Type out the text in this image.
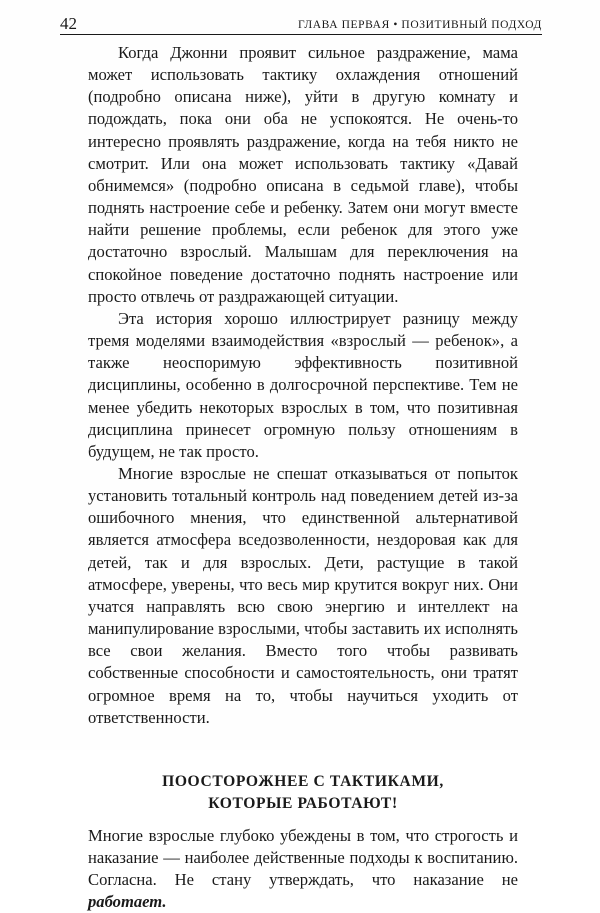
42	ГЛАВА ПЕРВАЯ • ПОЗИТИВНЫЙ ПОДХОД

Когда Джонни проявит сильное раздражение, мама может использовать тактику охлаждения отношений (подробно описана ниже), уйти в другую комнату и подождать, пока они оба не успокоятся. Не очень-то интересно проявлять раздражение, когда на тебя никто не смотрит. Или она может использовать тактику «Давай обнимемся» (подробно описана в седьмой главе), чтобы поднять настроение себе и ребенку. Затем они могут вместе найти решение проблемы, если ребенок для этого уже достаточно взрослый. Малышам для переключения на спокойное поведение достаточно поднять настроение или просто отвлечь от раздражающей ситуации.

Эта история хорошо иллюстрирует разницу между тремя моделями взаимодействия «взрослый — ребенок», а также неоспоримую эффективность позитивной дисциплины, особенно в долгосрочной перспективе. Тем не менее убедить некоторых взрослых в том, что позитивная дисциплина принесет огромную пользу отношениям в будущем, не так просто.

Многие взрослые не спешат отказываться от попыток установить тотальный контроль над поведением детей из-за ошибочного мнения, что единственной альтернативой является атмосфера вседозволенности, нездоровая как для детей, так и для взрослых. Дети, растущие в такой атмосфере, уверены, что весь мир крутится вокруг них. Они учатся направлять всю свою энергию и интеллект на манипулирование взрослыми, чтобы заставить их исполнять все свои желания. Вместо того чтобы развивать собственные способности и самостоятельность, они тратят огромное время на то, чтобы научиться уходить от ответственности.

ПООСТОРОЖНЕЕ С ТАКТИКАМИ,
КОТОРЫЕ РАБОТАЮТ!

Многие взрослые глубоко убеждены в том, что строгость и наказание — наиболее действенные подходы к воспитанию. Согласна. Не стану утверждать, что наказание не работает.
